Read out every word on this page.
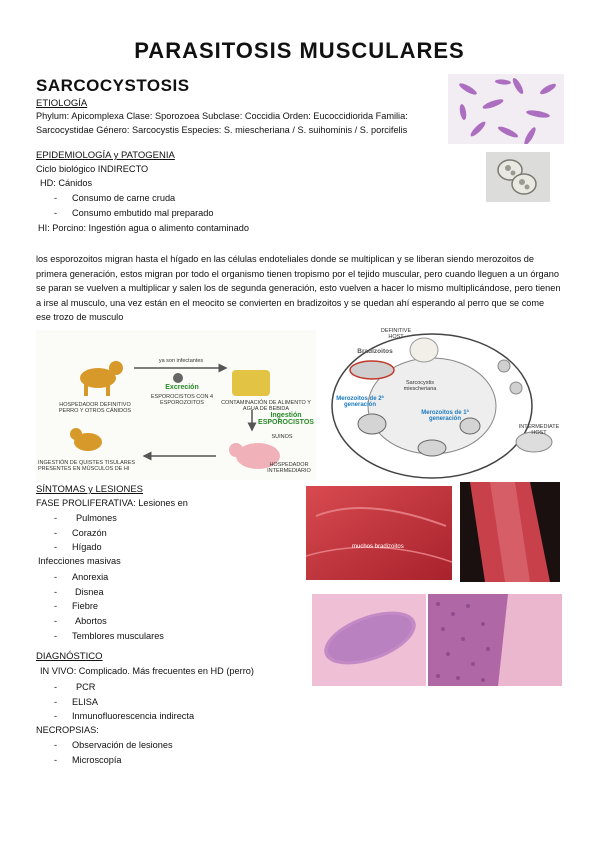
PARASITOSIS MUSCULARES
SARCOCYSTOSIS
ETIOLOGÍA
Phylum: Apicomplexa Clase: Sporozoea Subclase: Coccidia Orden: Eucoccidiorida Familia:
Sarcocystidae Género: Sarcocystis Especies: S. miescheriana / S. suihominis / S. porcifelis
EPIDEMIOLOGÍA y PATOGENIA
Ciclo biológico INDIRECTO
HD: Cánidos
- Consumo de carne cruda
- Consumo embutido mal preparado
HI: Porcino: Ingestión agua o alimento contaminado
los esporozoitos migran hasta el hígado en las células endoteliales donde se multiplican y se liberan siendo merozoitos de primera generación, estos migran por todo el organismo tienen tropismo por el tejido muscular, pero cuando lleguen a un órgano se paran se vuelven a multiplicar y salen los de segunda generación, esto vuelven a hacer lo mismo multiplicándose, pero tienen a irse al musculo, una vez están en el meocito se convierten en bradizoitos y se quedan ahí esperando al perro que se come ese trozo de musculo
ya son infectantes
Excreción
ESPOROCISTOS CON 4 ESPOROZOITOS
HOSPEDADOR DEFINITIVO PERRO Y OTROS CÁNIDOS
CONTAMINACIÓN DE ALIMENTO Y AGUA DE BEBIDA
Ingestión ESPOROCISTOS
SUINOS
HOSPEDADOR INTERMEDIARIO
INGESTIÓN DE QUISTES TISULARES PRESENTES EN MÚSCULOS DE HI
Bradizoitos
Merozoitos de 2ª generación
Merozoitos de 1ª generación
DEFINITIVE HOST
INTERMEDIATE HOST
Sarcocystis miescheriana
SÍNTOMAS y LESIONES
FASE PROLIFERATIVA: Lesiones en
- Pulmones
- Corazón
- Hígado
Infecciones masivas
- Anorexia
- Disnea
- Fiebre
- Abortos
- Temblores musculares
muchos bradizoitos
DIAGNÓSTICO
IN VIVO: Complicado. Más frecuentes en HD (perro)
- PCR
- ELISA
- Inmunofluorescencia indirecta
NECROPSIAS:
- Observación de lesiones
- Microscopía
